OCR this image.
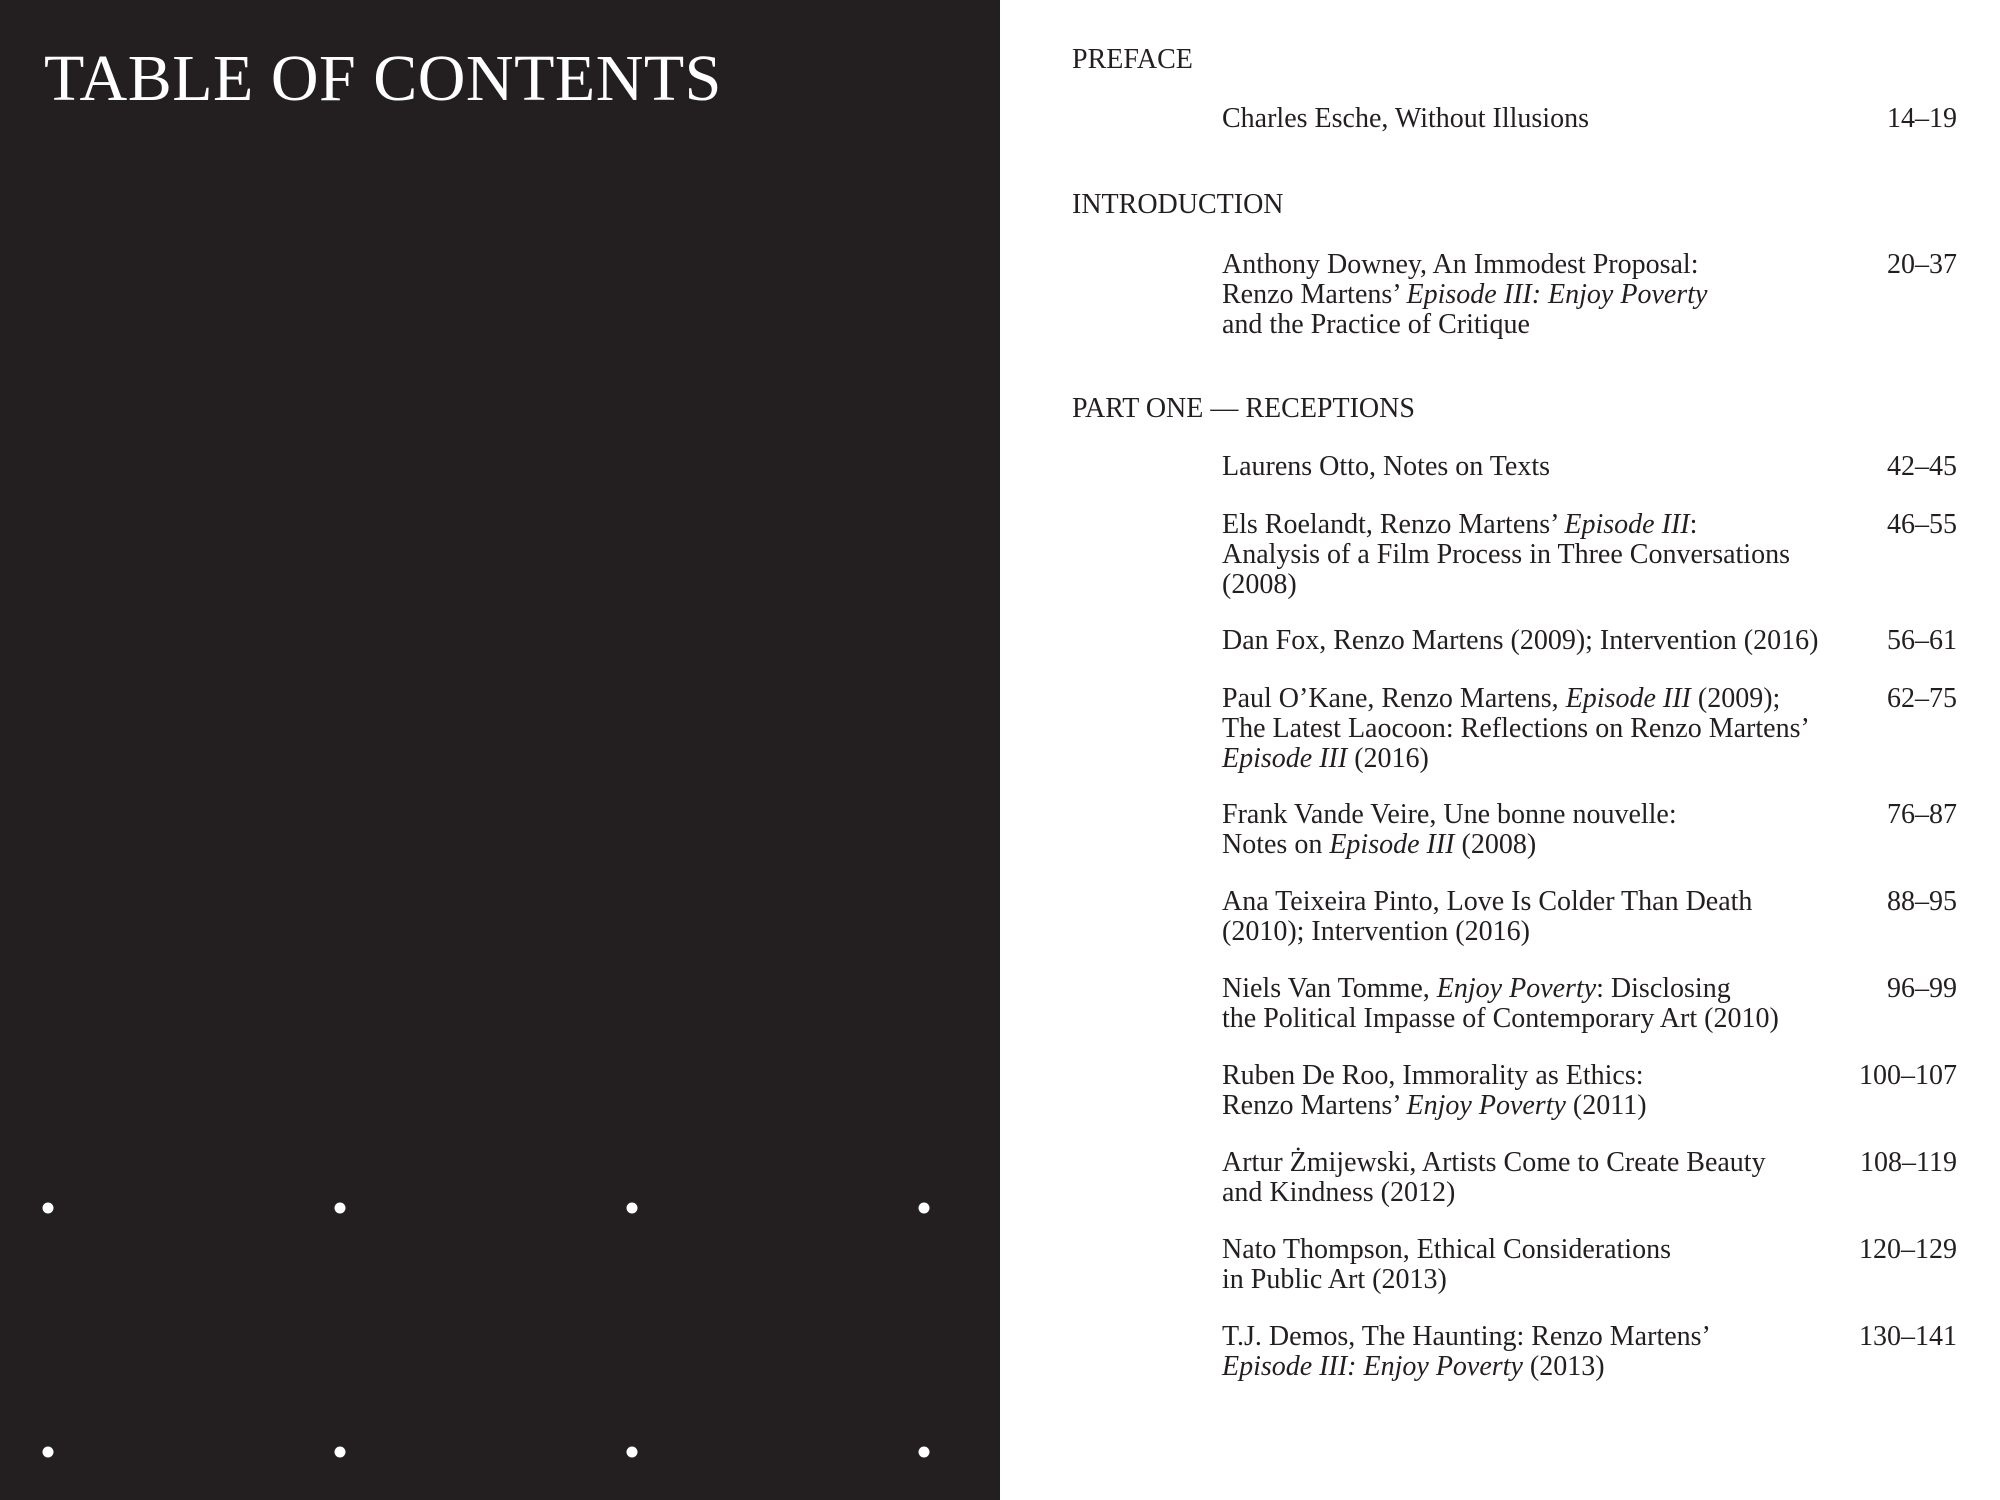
TABLE OF CONTENTS	PREFACE
Charles Esche, Without Illusions	14–19
INTRODUCTION
Anthony Downey, An Immodest Proposal:
Renzo Martens’ Episode III: Enjoy Poverty
and the Practice of Critique
20–37
PART ONE — RECEPTIONS
Laurens Otto, Notes on Texts	42–45
Els Roelandt, Renzo Martens’ Episode III:
Analysis of a Film Process in Three Conversations
(2008)
46–55
Dan Fox, Renzo Martens (2009); Intervention (2016)	56–61
Paul O’Kane, Renzo Martens, Episode III (2009);
The Latest Laocoon: Reflections on Renzo Martens’
Episode III (2016)
62–75
Frank Vande Veire, Une bonne nouvelle:
Notes on Episode III (2008)
76–87
Ana Teixeira Pinto, Love Is Colder Than Death
(2010); Intervention (2016)
88–95
Niels Van Tomme, Enjoy Poverty: Disclosing
the Political Impasse of Contemporary Art (2010)
96–99
Ruben De Roo, Immorality as Ethics:
Renzo Martens’ Enjoy Poverty (2011)
100–107
Artur Żmijewski, Artists Come to Create Beauty
and Kindness (2012)
108–119
Nato Thompson, Ethical Considerations
in Public Art (2013)
120–129
T.J. Demos, The Haunting: Renzo Martens’
Episode III: Enjoy Poverty (2013)
130–141
